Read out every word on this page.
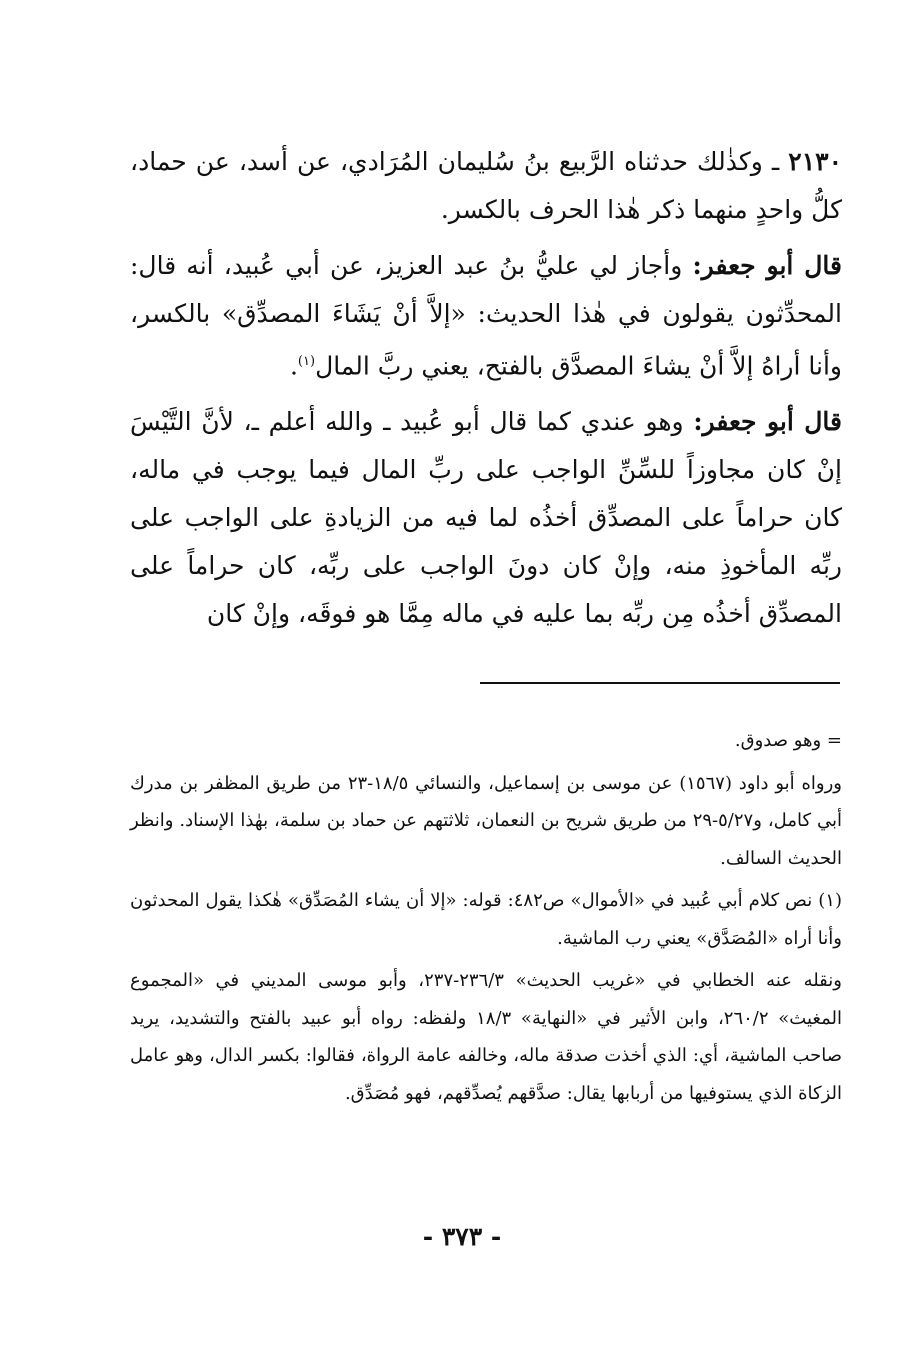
٢١٣٠ ـ وكذٰلك حدثناه الرَّبيع بنُ سُليمان المُرَادي، عن أسد، عن حماد، كلُّ واحدٍ منهما ذكر هٰذا الحرف بالكسر.

قال أبو جعفر: وأجاز لي عليُّ بنُ عبد العزيز، عن أبي عُبيد، أنه قال: المحدِّثون يقولون في هٰذا الحديث: «إلاَّ أنْ يَشَاءَ المصدِّق» بالكسر، وأنا أراهُ إلاَّ أنْ يشاءَ المصدَّق بالفتح، يعني ربَّ المال$^{(١)}$.

قال أبو جعفر: وهو عندي كما قال أبو عُبيد ـ والله أعلم ـ، لأنَّ التَّيْسَ إنْ كان مجاوزاً للسِّنِّ الواجب على ربِّ المال فيما يوجب في ماله، كان حراماً على المصدِّق أخذُه لما فيه من الزيادةِ على الواجب على ربِّه المأخوذِ منه، وإنْ كان دونَ الواجب على ربِّه، كان حراماً على المصدِّق أخذُه مِن ربِّه بما عليه في ماله مِمَّا هو فوقَه، وإنْ كان

= وهو صدوق.

ورواه أبو داود (١٥٦٧) عن موسى بن إسماعيل، والنسائي ١٨/٥-٢٣ من طريق المظفر بن مدرك أبي كامل، و٥/٢٧-٢٩ من طريق شريح بن النعمان، ثلاثتهم عن حماد بن سلمة، بهٰذا الإسناد. وانظر الحديث السالف.

(١) نص كلام أبي عُبيد في «الأموال» ص٤٨٢: قوله: «إلا أن يشاء المُصَدِّق» هٰكذا يقول المحدثون وأنا أراه «المُصَدَّق» يعني رب الماشية.

ونقله عنه الخطابي في «غريب الحديث» ٢٣٦/٣-٢٣٧، وأبو موسى المديني في «المجموع المغيث» ٢٦٠/٢، وابن الأثير في «النهاية» ١٨/٣ ولفظه: رواه أبو عبيد بالفتح والتشديد، يريد صاحب الماشية، أي: الذي أخذت صدقة ماله، وخالفه عامة الرواة، فقالوا: بكسر الدال، وهو عامل الزكاة الذي يستوفيها من أربابها يقال: صدَّقهم يُصدِّقهم، فهو مُصَدِّق.

- ٣٧٣ -
